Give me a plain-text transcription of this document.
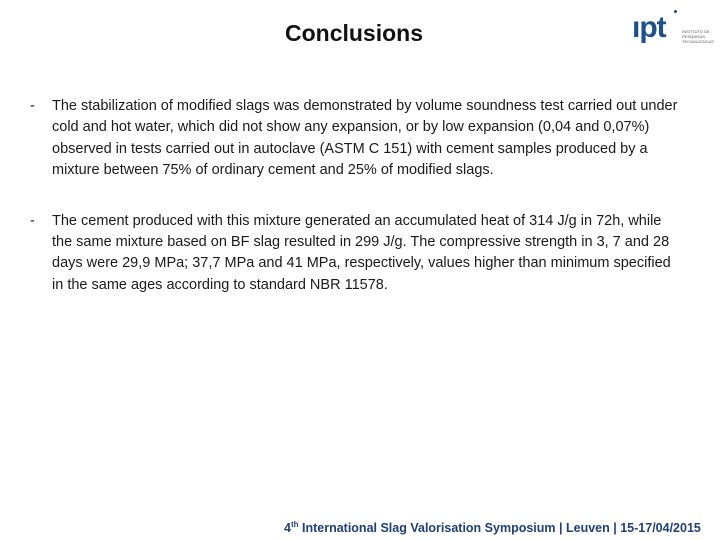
Conclusions	ıpt	INSTITUTO DE
PESQUISAS
TECNOLÓGICAS
- The stabilization of modified slags was demonstrated by volume soundness test carried out under cold and hot water, which did not show any expansion, or by low expansion (0,04 and 0,07%) observed in tests carried out in autoclave (ASTM C 151) with cement samples produced by a mixture between 75% of ordinary cement and 25% of modified slags.
- The cement produced with this mixture generated an accumulated heat of 314 J/g in 72h, while the same mixture based on BF slag resulted in 299 J/g. The compressive strength in 3, 7 and 28 days were 29,9 MPa; 37,7 MPa and 41 MPa, respectively, values higher than minimum specified in the same ages according to standard NBR 11578.
4th International Slag Valorisation Symposium | Leuven | 15-17/04/2015
